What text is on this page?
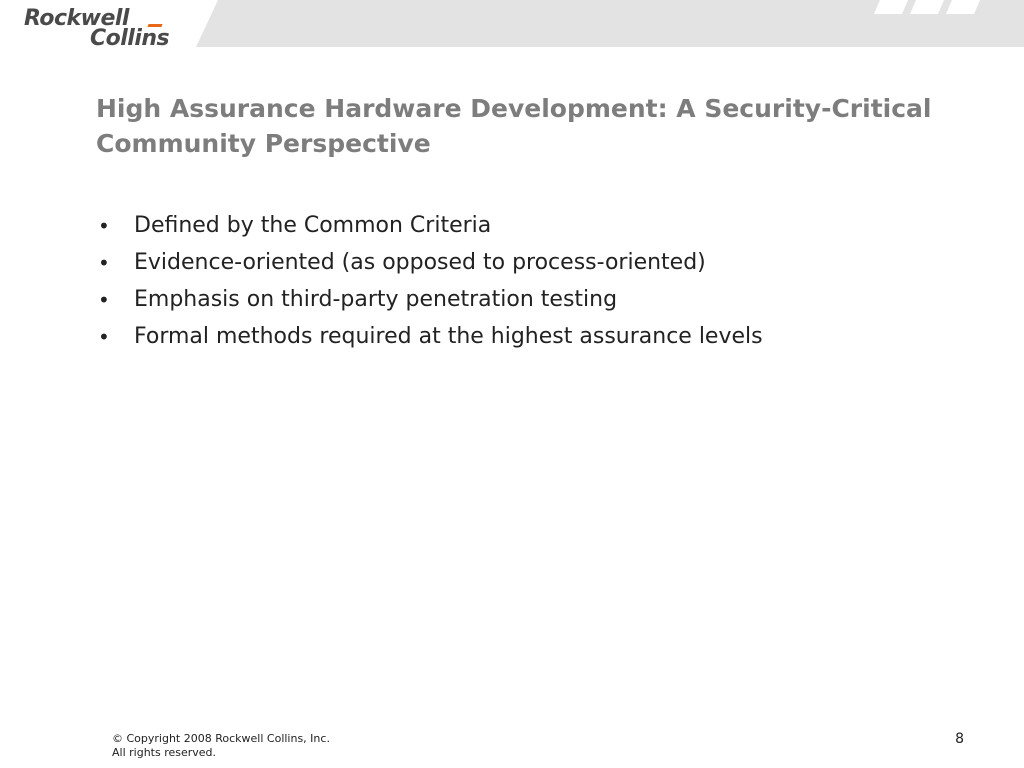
Rockwell
Collins
High Assurance Hardware Development: A Security-Critical Community Perspective
• Defined by the Common Criteria
• Evidence-oriented (as opposed to process-oriented)
• Emphasis on third-party penetration testing
• Formal methods required at the highest assurance levels
© Copyright 2008 Rockwell Collins, Inc.
All rights reserved.
8
